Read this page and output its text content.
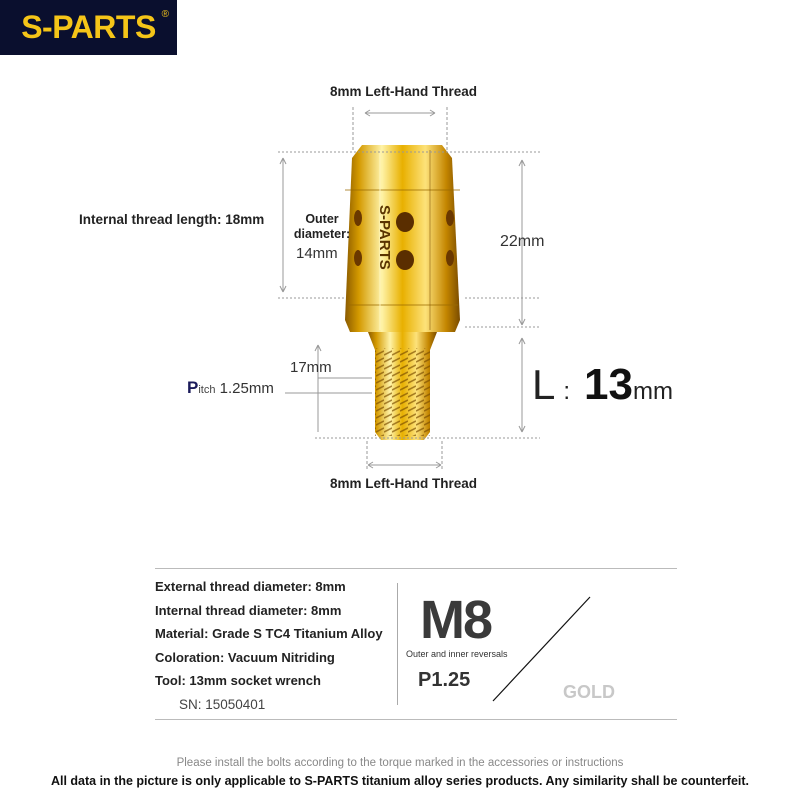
S-PARTS ®
S-PARTS
8mm Left-Hand Thread
Internal thread length: 18mm	Outer diameter:
14mm
22mm
17mm
Pitch 1.25mm	L : 13mm
8mm Left-Hand Thread
External thread diameter: 8mm
Internal thread diameter: 8mm
Material: Grade S TC4 Titanium Alloy
Coloration: Vacuum Nitriding
Tool: 13mm socket wrench
SN: 15050401
M8
Outer and inner reversals
P1.25
GOLD
Please install the bolts according to the torque marked in the accessories or instructions
All data in the picture is only applicable to S-PARTS titanium alloy series products. Any similarity shall be counterfeit.
